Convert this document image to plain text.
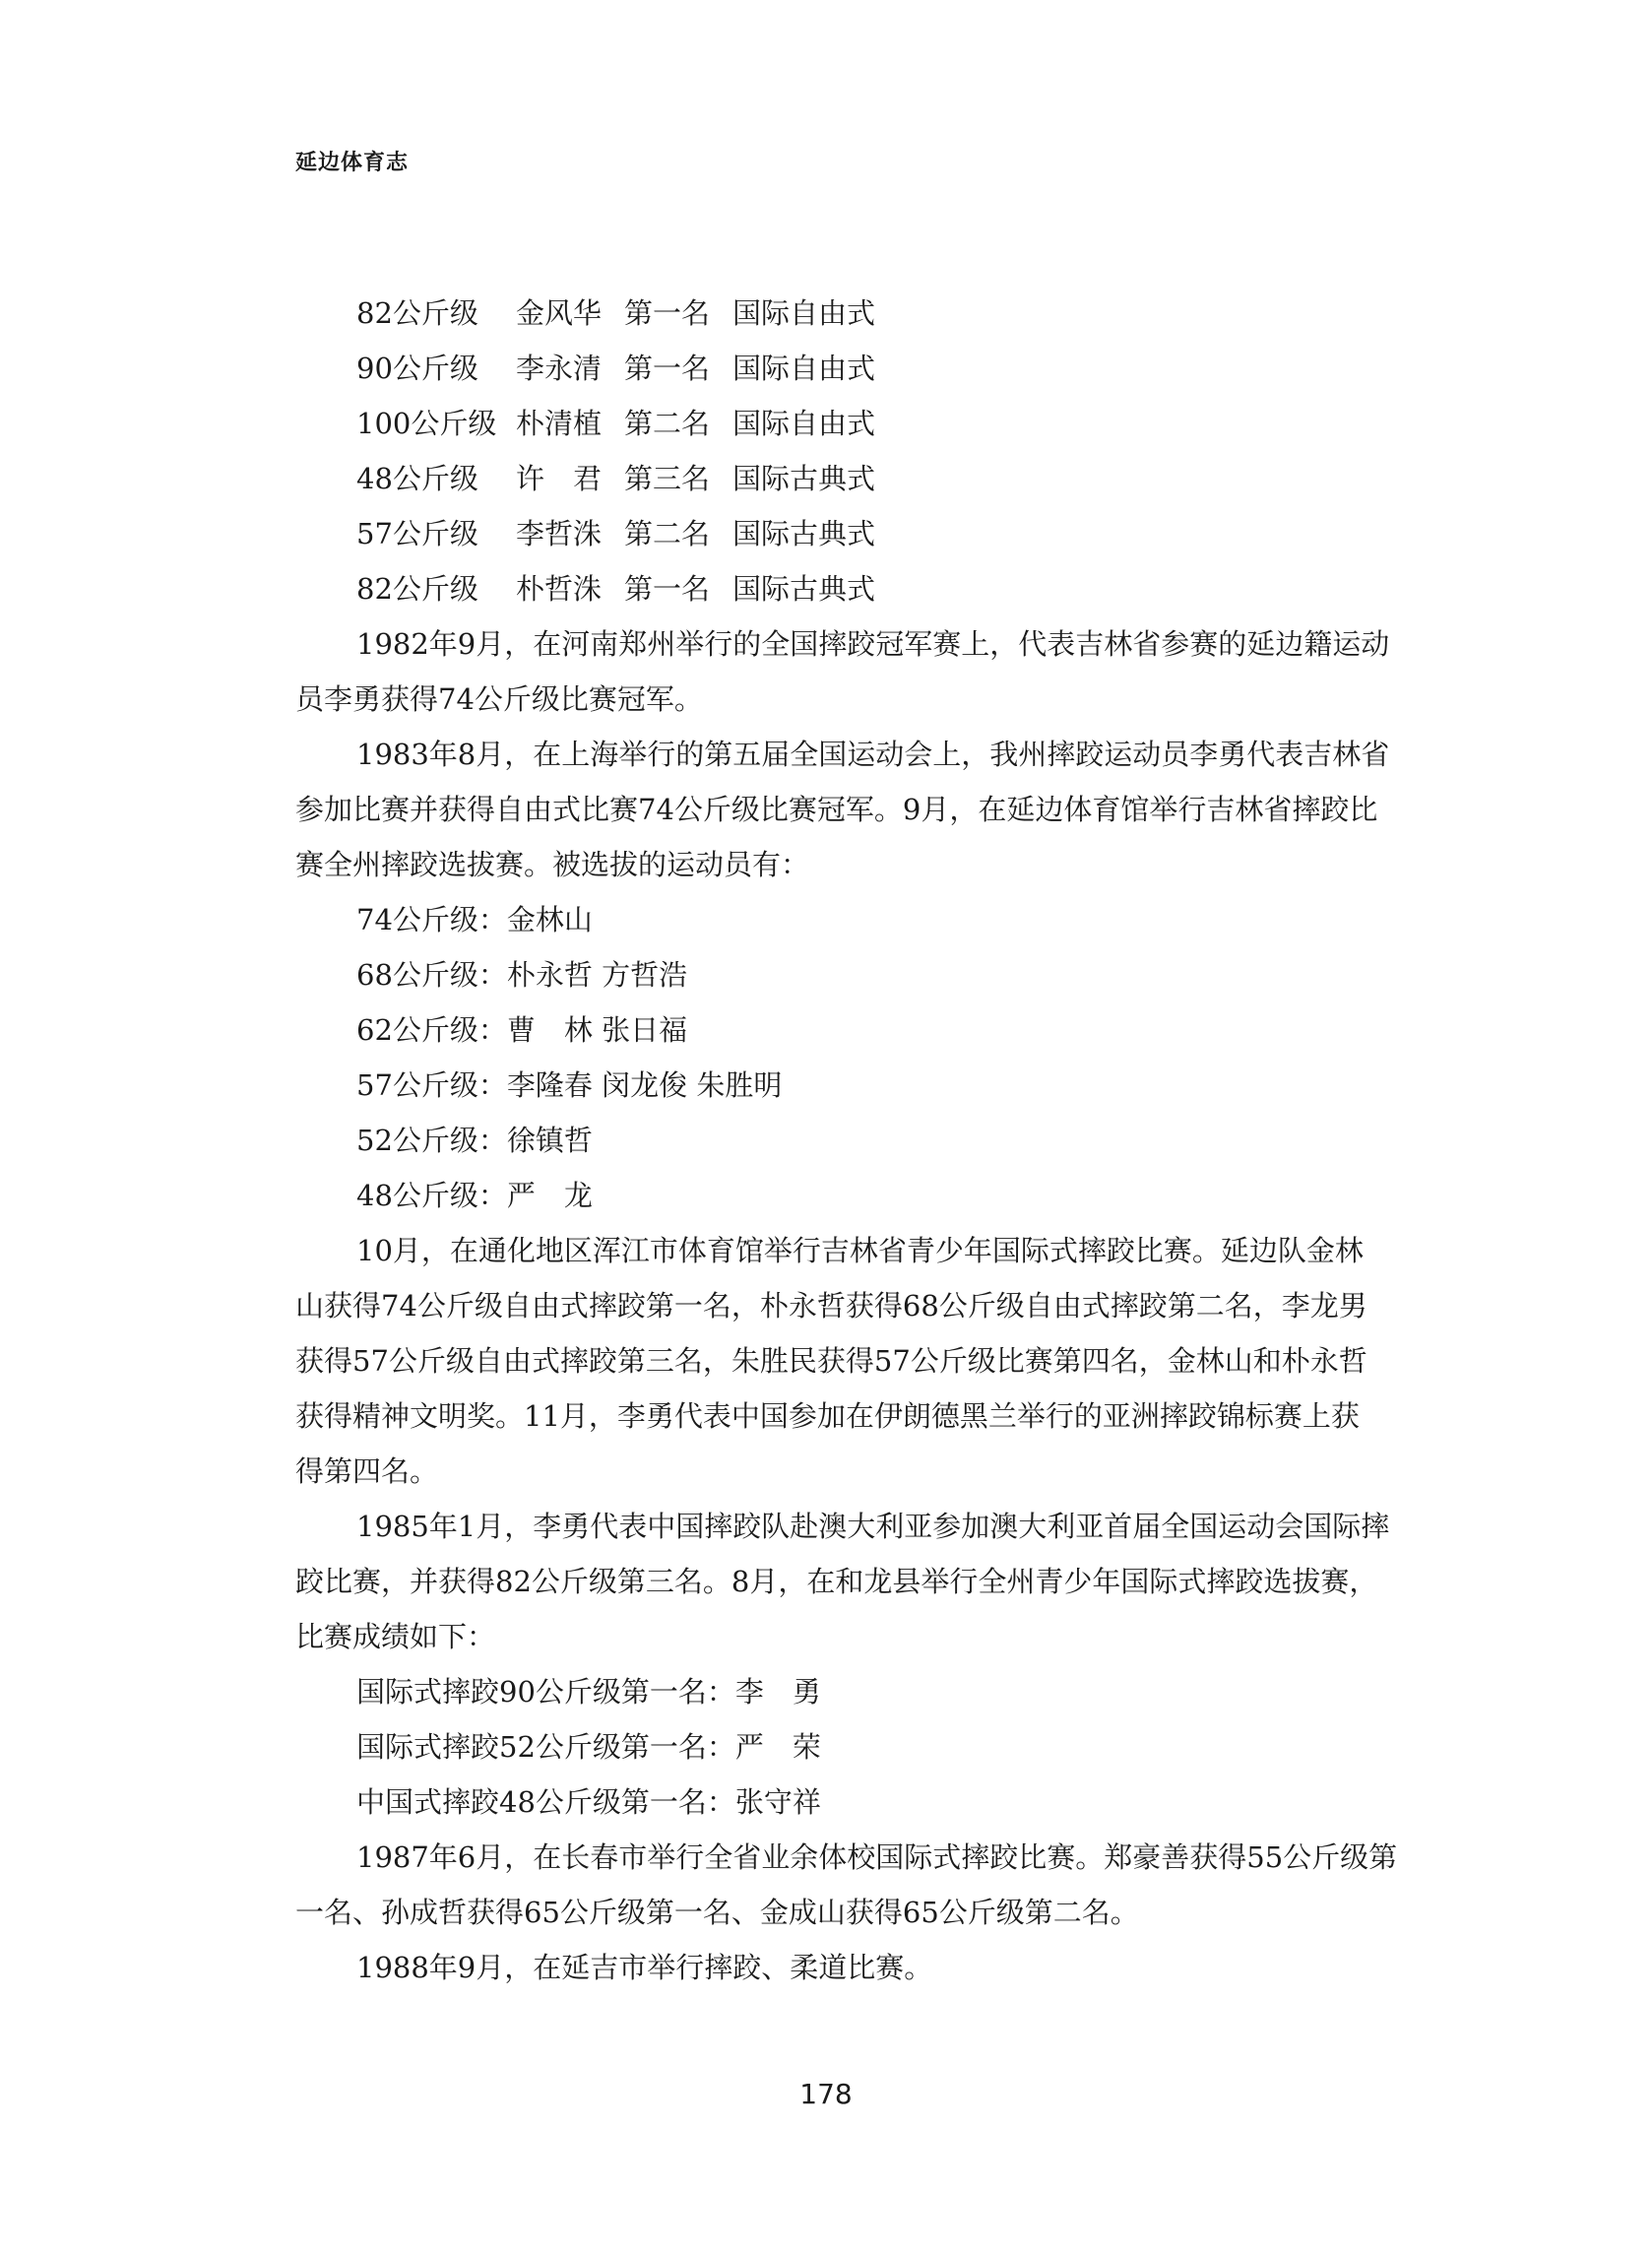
延边体育志
82公斤级 金风华 第一名 国际自由式
90公斤级 李永清 第一名 国际自由式
100公斤级 朴清植 第二名 国际自由式
48公斤级 许　君 第三名 国际古典式
57公斤级 李哲洙 第二名 国际古典式
82公斤级 朴哲洙 第一名 国际古典式
1982年9月，在河南郑州举行的全国摔跤冠军赛上，代表吉林省参赛的延边籍运动
员李勇获得74公斤级比赛冠军。
1983年8月，在上海举行的第五届全国运动会上，我州摔跤运动员李勇代表吉林省
参加比赛并获得自由式比赛74公斤级比赛冠军。9月，在延边体育馆举行吉林省摔跤比
赛全州摔跤选拔赛。被选拔的运动员有：
74公斤级：金林山
68公斤级：朴永哲 方哲浩
62公斤级：曹　林 张日福
57公斤级：李隆春 闵龙俊 朱胜明
52公斤级：徐镇哲
48公斤级：严　龙
10月，在通化地区浑江市体育馆举行吉林省青少年国际式摔跤比赛。延边队金林
山获得74公斤级自由式摔跤第一名，朴永哲获得68公斤级自由式摔跤第二名，李龙男
获得57公斤级自由式摔跤第三名，朱胜民获得57公斤级比赛第四名，金林山和朴永哲
获得精神文明奖。11月，李勇代表中国参加在伊朗德黑兰举行的亚洲摔跤锦标赛上获
得第四名。
1985年1月，李勇代表中国摔跤队赴澳大利亚参加澳大利亚首届全国运动会国际摔
跤比赛，并获得82公斤级第三名。8月，在和龙县举行全州青少年国际式摔跤选拔赛，
比赛成绩如下：
国际式摔跤90公斤级第一名：李　勇
国际式摔跤52公斤级第一名：严　荣
中国式摔跤48公斤级第一名：张守祥
1987年6月，在长春市举行全省业余体校国际式摔跤比赛。郑豪善获得55公斤级第
一名、孙成哲获得65公斤级第一名、金成山获得65公斤级第二名。
1988年9月，在延吉市举行摔跤、柔道比赛。
178
